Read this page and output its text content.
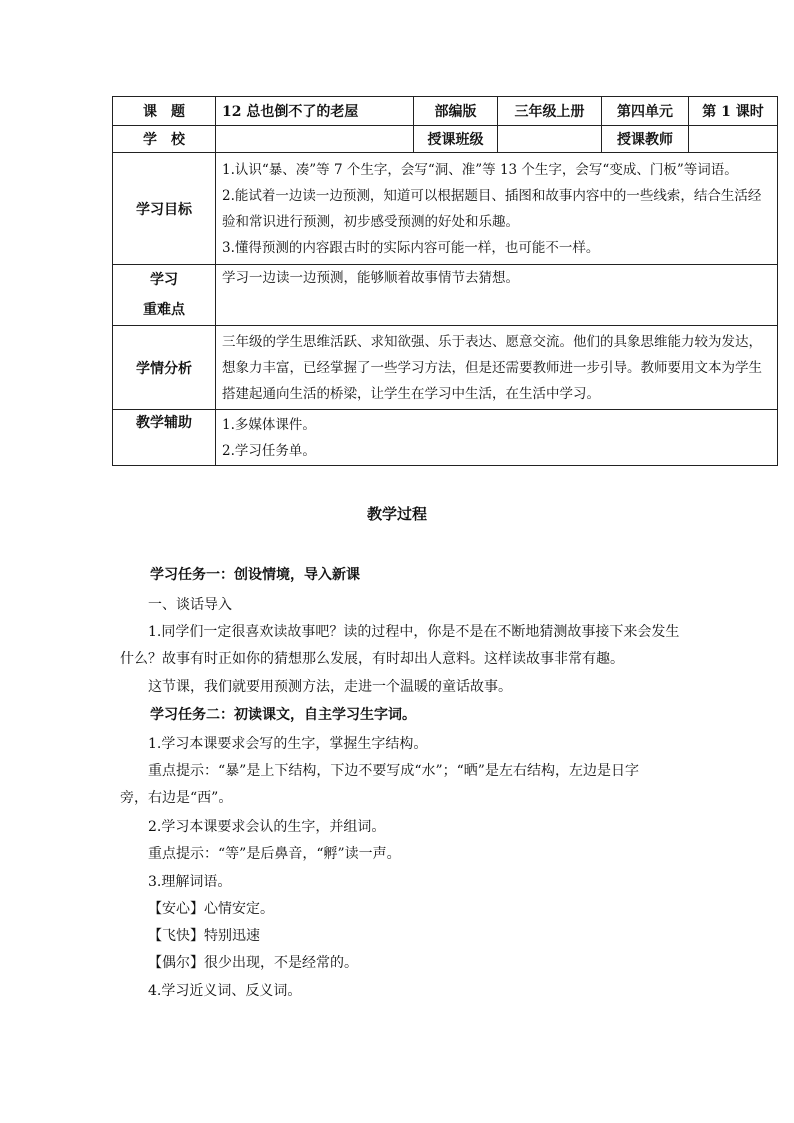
课　题	12 总也倒不了的老屋	部编版	三年级上册	第四单元	第 1 课时
学　校		授课班级		授课教师	
学习目标	1.认识“暴、凑”等 7 个生字，会写“洞、准”等 13 个生字，会写“变成、门板”等词语。

2.能试着一边读一边预测，知道可以根据题目、插图和故事内容中的一些线索，结合生活经验和常识进行预测，初步感受预测的好处和乐趣。

3.懂得预测的内容跟古时的实际内容可能一样，也可能不一样。				

学习
重难点	学习一边读一边预测，能够顺着故事情节去猜想。				

学情分析	三年级的学生思维活跃、求知欲强、乐于表达、愿意交流。他们的具象思维能力较为发达，想象力丰富，已经掌握了一些学习方法，但是还需要教师进一步引导。教师要用文本为学生搭建起通向生活的桥梁，让学生在学习中生活，在生活中学习。				

教学辅助	1.多媒体课件。

2.学习任务单。				

教学过程
学习任务一：创设情境，导入新课
一、谈话导入
1.同学们一定很喜欢读故事吧？读的过程中，你是不是在不断地猜测故事接下来会发生
什么？故事有时正如你的猜想那么发展，有时却出人意料。这样读故事非常有趣。
这节课，我们就要用预测方法，走进一个温暖的童话故事。
学习任务二：初读课文，自主学习生字词。
1.学习本课要求会写的生字，掌握生字结构。
重点提示：“暴”是上下结构，下边不要写成“水”；“晒”是左右结构，左边是日字
旁，右边是“西”。
2.学习本课要求会认的生字，并组词。
重点提示：“等”是后鼻音，“孵”读一声。
3.理解词语。
【安心】心情安定。
【飞快】特别迅速
【偶尔】很少出现，不是经常的。
4.学习近义词、反义词。
